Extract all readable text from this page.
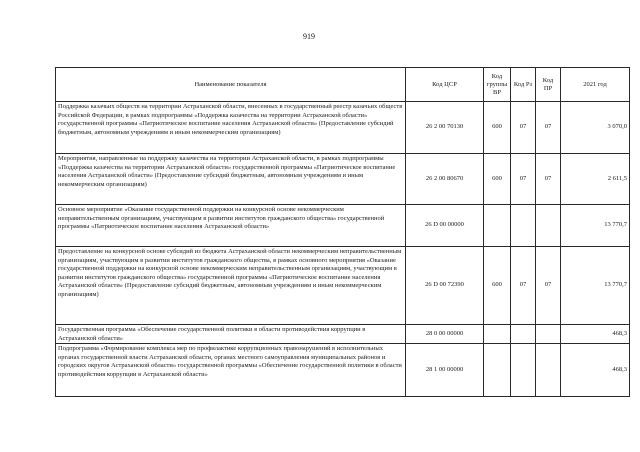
919
Наименование показателя	Код ЦСР	Код группы ВР	Код Рз	Код ПР	2021 год
Поддержка казачьих обществ на территории Астраханской области, внесенных в государственный реестр казачьих обществ Российской Федерации, в рамках подпрограммы «Поддержка казачества на территории Астраханской области» государственной программы «Патриотическое воспитание населения Астраханской области» (Предоставление субсидий бюджетным, автономным учреждениям и иным некоммерческим организациям)	26 2 00 70130	600	07	07	3 070,0
Мероприятия, направленные на поддержку казачества на территории Астраханской области, в рамках подпрограммы «Поддержка казачества на территории Астраханской области» государственной программы «Патриотическое воспитание населения Астраханской области» (Предоставление субсидий бюджетным, автономным учреждениям и иным некоммерческим организациям)	26 2 00 80670	600	07	07	2 611,5
Основное мероприятие «Оказание государственной поддержки на конкурсной основе некоммерческим неправительственным организациям, участвующим в развитии институтов гражданского общества» государственной программы «Патриотическое воспитание населения Астраханской области»	26 D 00 00000				13 770,7
Предоставление на конкурсной основе субсидий из бюджета Астраханской области некоммерческим неправительственным организациям, участвующим в развитии институтов гражданского общества, в рамках основного мероприятия «Оказание государственной поддержки на конкурсной основе некоммерческим неправительственным организациям, участвующим в развитии институтов гражданского общества» государственной программы «Патриотическое воспитание населения Астраханской области» (Предоставление субсидий бюджетным, автономным учреждениям и иным некоммерческим организациям)	26 D 00 72390	600	07	07	13 770,7
Государственная программа «Обеспечение государственной политики в области противодействия коррупции в Астраханской области»	28 0 00 00000				468,3
Подпрограмма «Формирование комплекса мер по профилактике коррупционных правонарушений в исполнительных органах государственной власти Астраханской области, органах местного самоуправления муниципальных районов и городских округов Астраханской области» государственной программы «Обеспечение государственной политики в области противодействия коррупции в Астраханской области»	28 1 00 00000				468,3
